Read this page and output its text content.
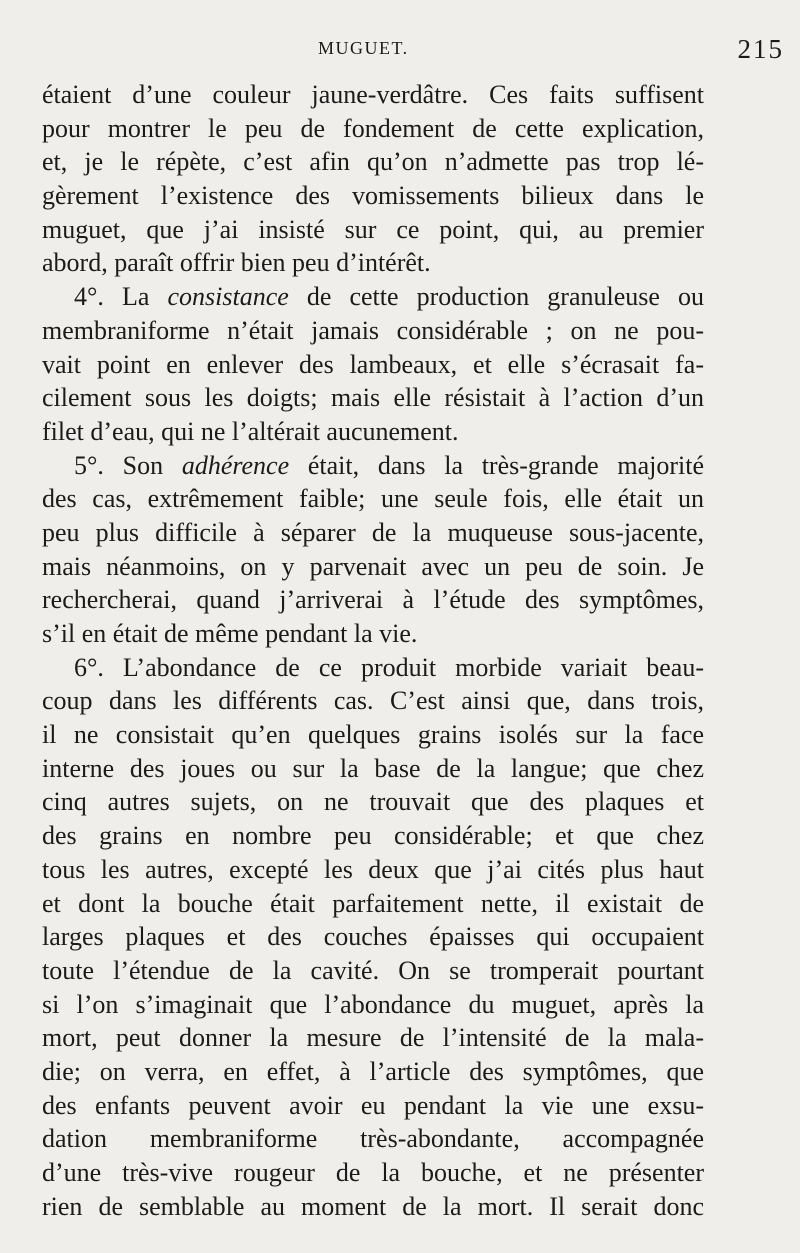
MUGUET.	215
étaient d’une couleur jaune-verdâtre. Ces faits suffisent
pour montrer le peu de fondement de cette explication,
et, je le répète, c’est afin qu’on n’admette pas trop lé-
gèrement l’existence des vomissements bilieux dans le
muguet, que j’ai insisté sur ce point, qui, au premier
abord, paraît offrir bien peu d’intérêt.
4°. La consistance de cette production granuleuse ou
membraniforme n’était jamais considérable ; on ne pou-
vait point en enlever des lambeaux, et elle s’écrasait fa-
cilement sous les doigts; mais elle résistait à l’action d’un
filet d’eau, qui ne l’altérait aucunement.
5°. Son adhérence était, dans la très-grande majorité
des cas, extrêmement faible; une seule fois, elle était un
peu plus difficile à séparer de la muqueuse sous-jacente,
mais néanmoins, on y parvenait avec un peu de soin. Je
rechercherai, quand j’arriverai à l’étude des symptômes,
s’il en était de même pendant la vie.
6°. L’abondance de ce produit morbide variait beau-
coup dans les différents cas. C’est ainsi que, dans trois,
il ne consistait qu’en quelques grains isolés sur la face
interne des joues ou sur la base de la langue; que chez
cinq autres sujets, on ne trouvait que des plaques et
des grains en nombre peu considérable; et que chez
tous les autres, excepté les deux que j’ai cités plus haut
et dont la bouche était parfaitement nette, il existait de
larges plaques et des couches épaisses qui occupaient
toute l’étendue de la cavité. On se tromperait pourtant
si l’on s’imaginait que l’abondance du muguet, après la
mort, peut donner la mesure de l’intensité de la mala-
die; on verra, en effet, à l’article des symptômes, que
des enfants peuvent avoir eu pendant la vie une exsu-
dation membraniforme très-abondante, accompagnée
d’une très-vive rougeur de la bouche, et ne présenter
rien de semblable au moment de la mort. Il serait donc
